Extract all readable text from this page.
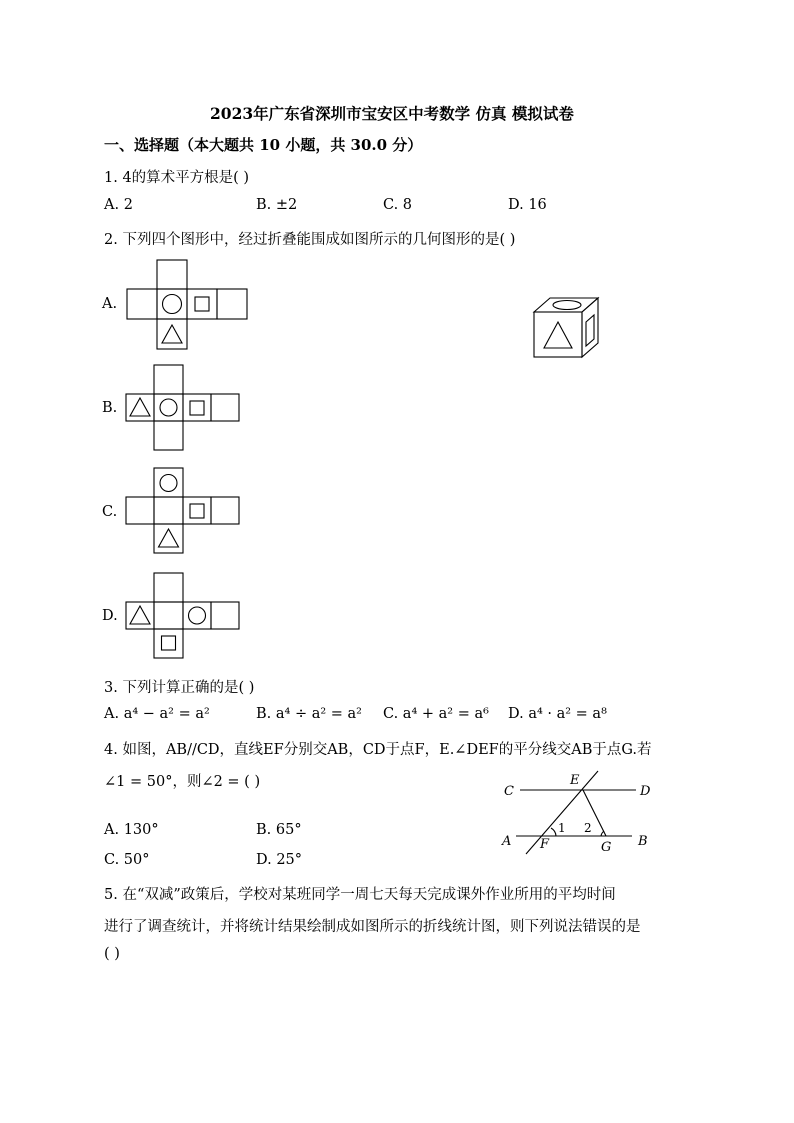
2023年广东省深圳市宝安区中考数学 仿真 模拟试卷
一、选择题（本大题共 10 小题，共 30.0 分）
1. 4的算术平方根是( )
A. 2	B. ±2	C. 8	D. 16
2. 下列四个图形中，经过折叠能围成如图所示的几何图形的是( )
A.
B.
C.
D.
3. 下列计算正确的是( )
A. a⁴ − a² = a²	B. a⁴ ÷ a² = a² C. a⁴ + a² = a⁶ D. a⁴ · a² = a⁸
4. 如图，AB//CD，直线EF分别交AB，CD于点F，E.∠DEF的平分线交AB于点G.若
∠1 = 50°，则∠2 = ( )
A. 130°	B. 65°
C. 50°	D. 25°
C
E
D
A F	G B
1 2
5. 在“双减”政策后，学校对某班同学一周七天每天完成课外作业所用的平均时间
进行了调查统计，并将统计结果绘制成如图所示的折线统计图，则下列说法错误的是
( )
